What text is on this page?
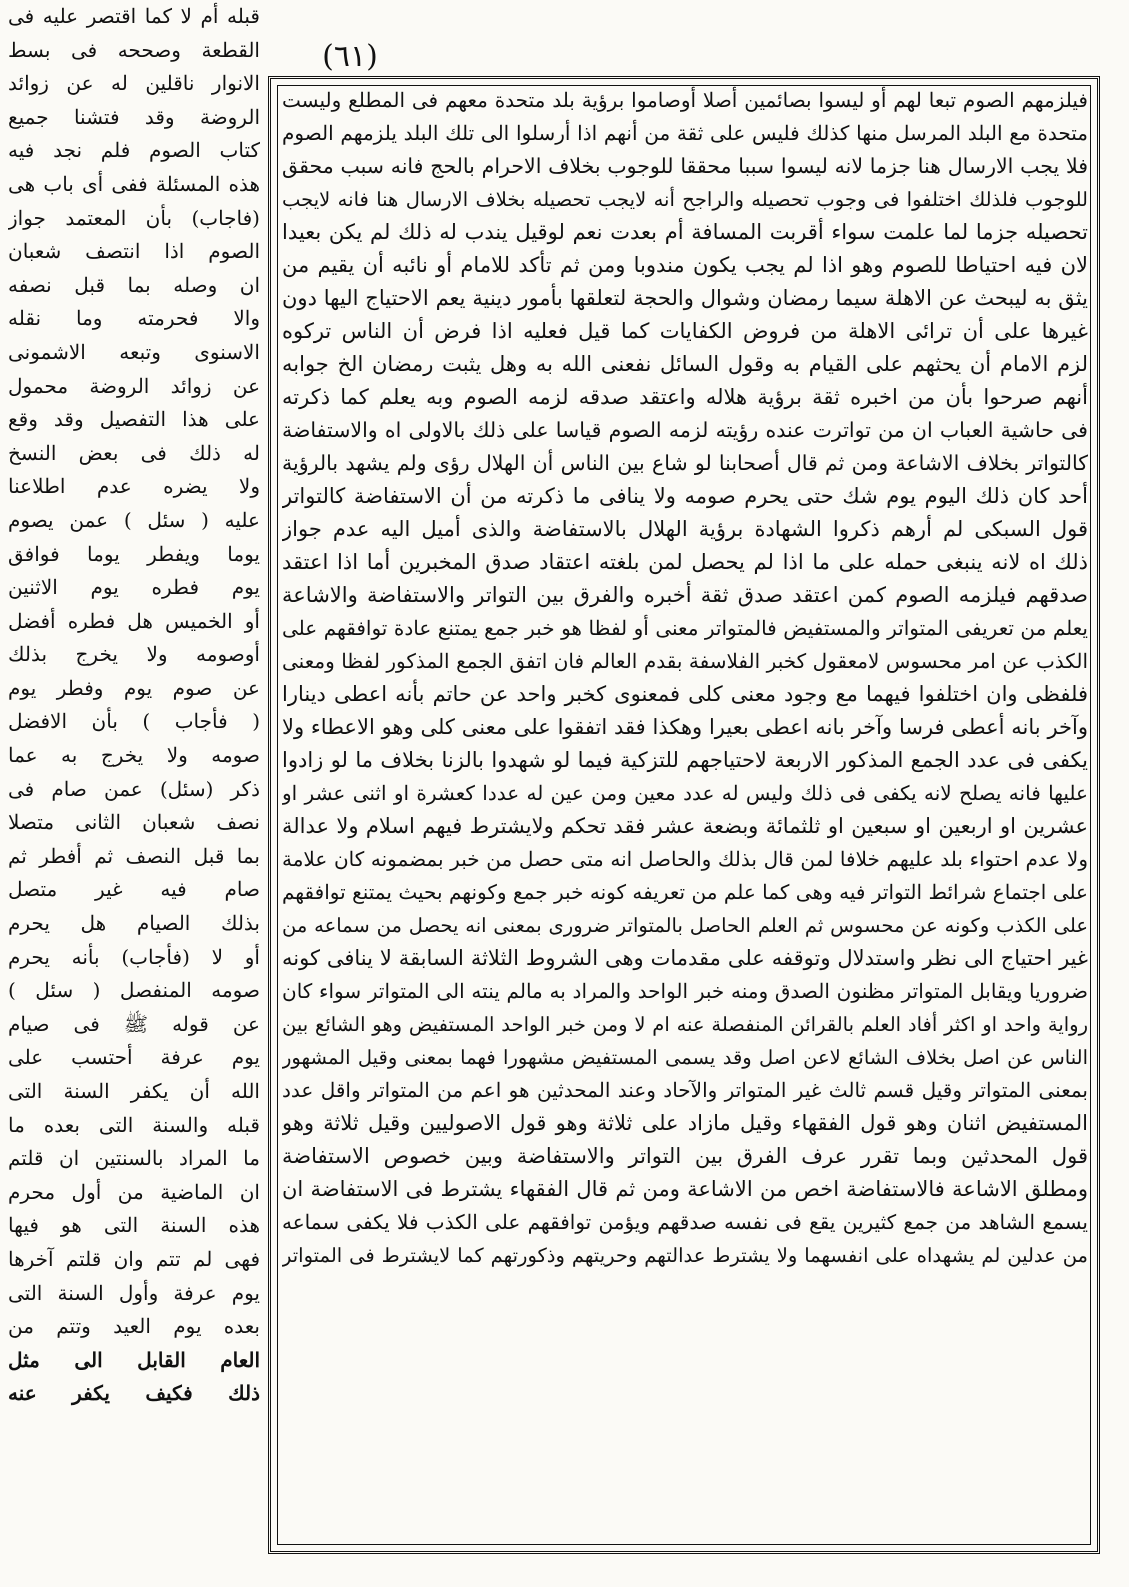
(٦١)
فيلزمهم الصوم تبعا لهم أو ليسوا بصائمين أصلا أوصاموا برؤية بلد متحدة معهم فى المطلع وليست
متحدة مع البلد المرسل منها كذلك فليس على ثقة من أنهم اذا أرسلوا الى تلك البلد يلزمهم الصوم
فلا يجب الارسال هنا جزما لانه ليسوا سببا محققا للوجوب بخلاف الاحرام بالحج فانه سبب محقق
للوجوب فلذلك اختلفوا فى وجوب تحصيله والراجح أنه لايجب تحصيله بخلاف الارسال هنا فانه لايجب
تحصيله جزما لما علمت سواء أقربت المسافة أم بعدت نعم لوقيل يندب له ذلك لم يكن بعيدا
لان فيه احتياطا للصوم وهو اذا لم يجب يكون مندوبا ومن ثم تأكد للامام أو نائبه أن يقيم من
يثق به ليبحث عن الاهلة سيما رمضان وشوال والحجة لتعلقها بأمور دينية يعم الاحتياج اليها دون
غيرها على أن ترائى الاهلة من فروض الكفايات كما قيل فعليه اذا فرض أن الناس تركوه
لزم الامام أن يحثهم على القيام به وقول السائل نفعنى الله به وهل يثبت رمضان الخ جوابه
أنهم صرحوا بأن من اخبره ثقة برؤية هلاله واعتقد صدقه لزمه الصوم وبه يعلم كما ذكرته
فى حاشية العباب ان من تواترت عنده رؤيته لزمه الصوم قياسا على ذلك بالاولى اه والاستفاضة
كالتواتر بخلاف الاشاعة ومن ثم قال أصحابنا لو شاع بين الناس أن الهلال رؤى ولم يشهد بالرؤية
أحد كان ذلك اليوم يوم شك حتى يحرم صومه ولا ينافى ما ذكرته من أن الاستفاضة كالتواتر
قول السبكى لم أرهم ذكروا الشهادة برؤية الهلال بالاستفاضة والذى أميل اليه عدم جواز
ذلك اه لانه ينبغى حمله على ما اذا لم يحصل لمن بلغته اعتقاد صدق المخبرين أما اذا اعتقد
صدقهم فيلزمه الصوم كمن اعتقد صدق ثقة أخبره والفرق بين التواتر والاستفاضة والاشاعة
يعلم من تعريفى المتواتر والمستفيض فالمتواتر معنى أو لفظا هو خبر جمع يمتنع عادة توافقهم على
الكذب عن امر محسوس لامعقول كخبر الفلاسفة بقدم العالم فان اتفق الجمع المذكور لفظا ومعنى
فلفظى وان اختلفوا فيهما مع وجود معنى كلى فمعنوى كخبر واحد عن حاتم بأنه اعطى دينارا
وآخر بانه أعطى فرسا وآخر بانه اعطى بعيرا وهكذا فقد اتفقوا على معنى كلى وهو الاعطاء ولا
يكفى فى عدد الجمع المذكور الاربعة لاحتياجهم للتزكية فيما لو شهدوا بالزنا بخلاف ما لو زادوا
عليها فانه يصلح لانه يكفى فى ذلك وليس له عدد معين ومن عين له عددا كعشرة او اثنى عشر او
عشرين او اربعين او سبعين او ثلثمائة وبضعة عشر فقد تحكم ولايشترط فيهم اسلام ولا عدالة
ولا عدم احتواء بلد عليهم خلافا لمن قال بذلك والحاصل انه متى حصل من خبر بمضمونه كان علامة
على اجتماع شرائط التواتر فيه وهى كما علم من تعريفه كونه خبر جمع وكونهم بحيث يمتنع توافقهم
على الكذب وكونه عن محسوس ثم العلم الحاصل بالمتواتر ضرورى بمعنى انه يحصل من سماعه من
غير احتياج الى نظر واستدلال وتوقفه على مقدمات وهى الشروط الثلاثة السابقة لا ينافى كونه
ضروريا ويقابل المتواتر مظنون الصدق ومنه خبر الواحد والمراد به مالم ينته الى المتواتر سواء كان
رواية واحد او اكثر أفاد العلم بالقرائن المنفصلة عنه ام لا ومن خبر الواحد المستفيض وهو الشائع بين
الناس عن اصل بخلاف الشائع لاعن اصل وقد يسمى المستفيض مشهورا فهما بمعنى وقيل المشهور
بمعنى المتواتر وقيل قسم ثالث غير المتواتر والآحاد وعند المحدثين هو اعم من المتواتر واقل عدد
المستفيض اثنان وهو قول الفقهاء وقيل مازاد على ثلاثة وهو قول الاصوليين وقيل ثلاثة وهو
قول المحدثين وبما تقرر عرف الفرق بين التواتر والاستفاضة وبين خصوص الاستفاضة
ومطلق الاشاعة فالاستفاضة اخص من الاشاعة ومن ثم قال الفقهاء يشترط فى الاستفاضة ان
يسمع الشاهد من جمع كثيرين يقع فى نفسه صدقهم ويؤمن توافقهم على الكذب فلا يكفى سماعه
من عدلين لم يشهداه على انفسهما ولا يشترط عدالتهم وحريتهم وذكورتهم كما لايشترط فى المتواتر
قبله أم لا كما اقتصر عليه فى
القطعة وصححه فى بسط
الانوار ناقلين له عن زوائد
الروضة وقد فتشنا جميع
كتاب الصوم فلم نجد فيه
هذه المسئلة ففى أى باب هى
(فاجاب) بأن المعتمد جواز
الصوم اذا انتصف شعبان
ان وصله بما قبل نصفه
والا فحرمته وما نقله
الاسنوى وتبعه الاشمونى
عن زوائد الروضة محمول
على هذا التفصيل وقد وقع
له ذلك فى بعض النسخ
ولا يضره عدم اطلاعنا
عليه ( سئل ) عمن يصوم
يوما ويفطر يوما فوافق
يوم فطره يوم الاثنين
أو الخميس هل فطره أفضل
أوصومه ولا يخرج بذلك
عن صوم يوم وفطر يوم
( فأجاب ) بأن الافضل
صومه ولا يخرج به عما
ذكر (سئل) عمن صام فى
نصف شعبان الثانى متصلا
بما قبل النصف ثم أفطر ثم
صام فيه غير متصل
بذلك الصيام هل يحرم
أو لا (فأجاب) بأنه يحرم
صومه المنفصل ( سئل )
عن قوله ﷺ فى صيام
يوم عرفة أحتسب على
الله أن يكفر السنة التى
قبله والسنة التى بعده ما
ما المراد بالسنتين ان قلتم
ان الماضية من أول محرم
هذه السنة التى هو فيها
فهى لم تتم وان قلتم آخرها
يوم عرفة وأول السنة التى
بعده يوم العيد وتتم من
العام القابل الى مثل
ذلك فكيف يكفر عنه
